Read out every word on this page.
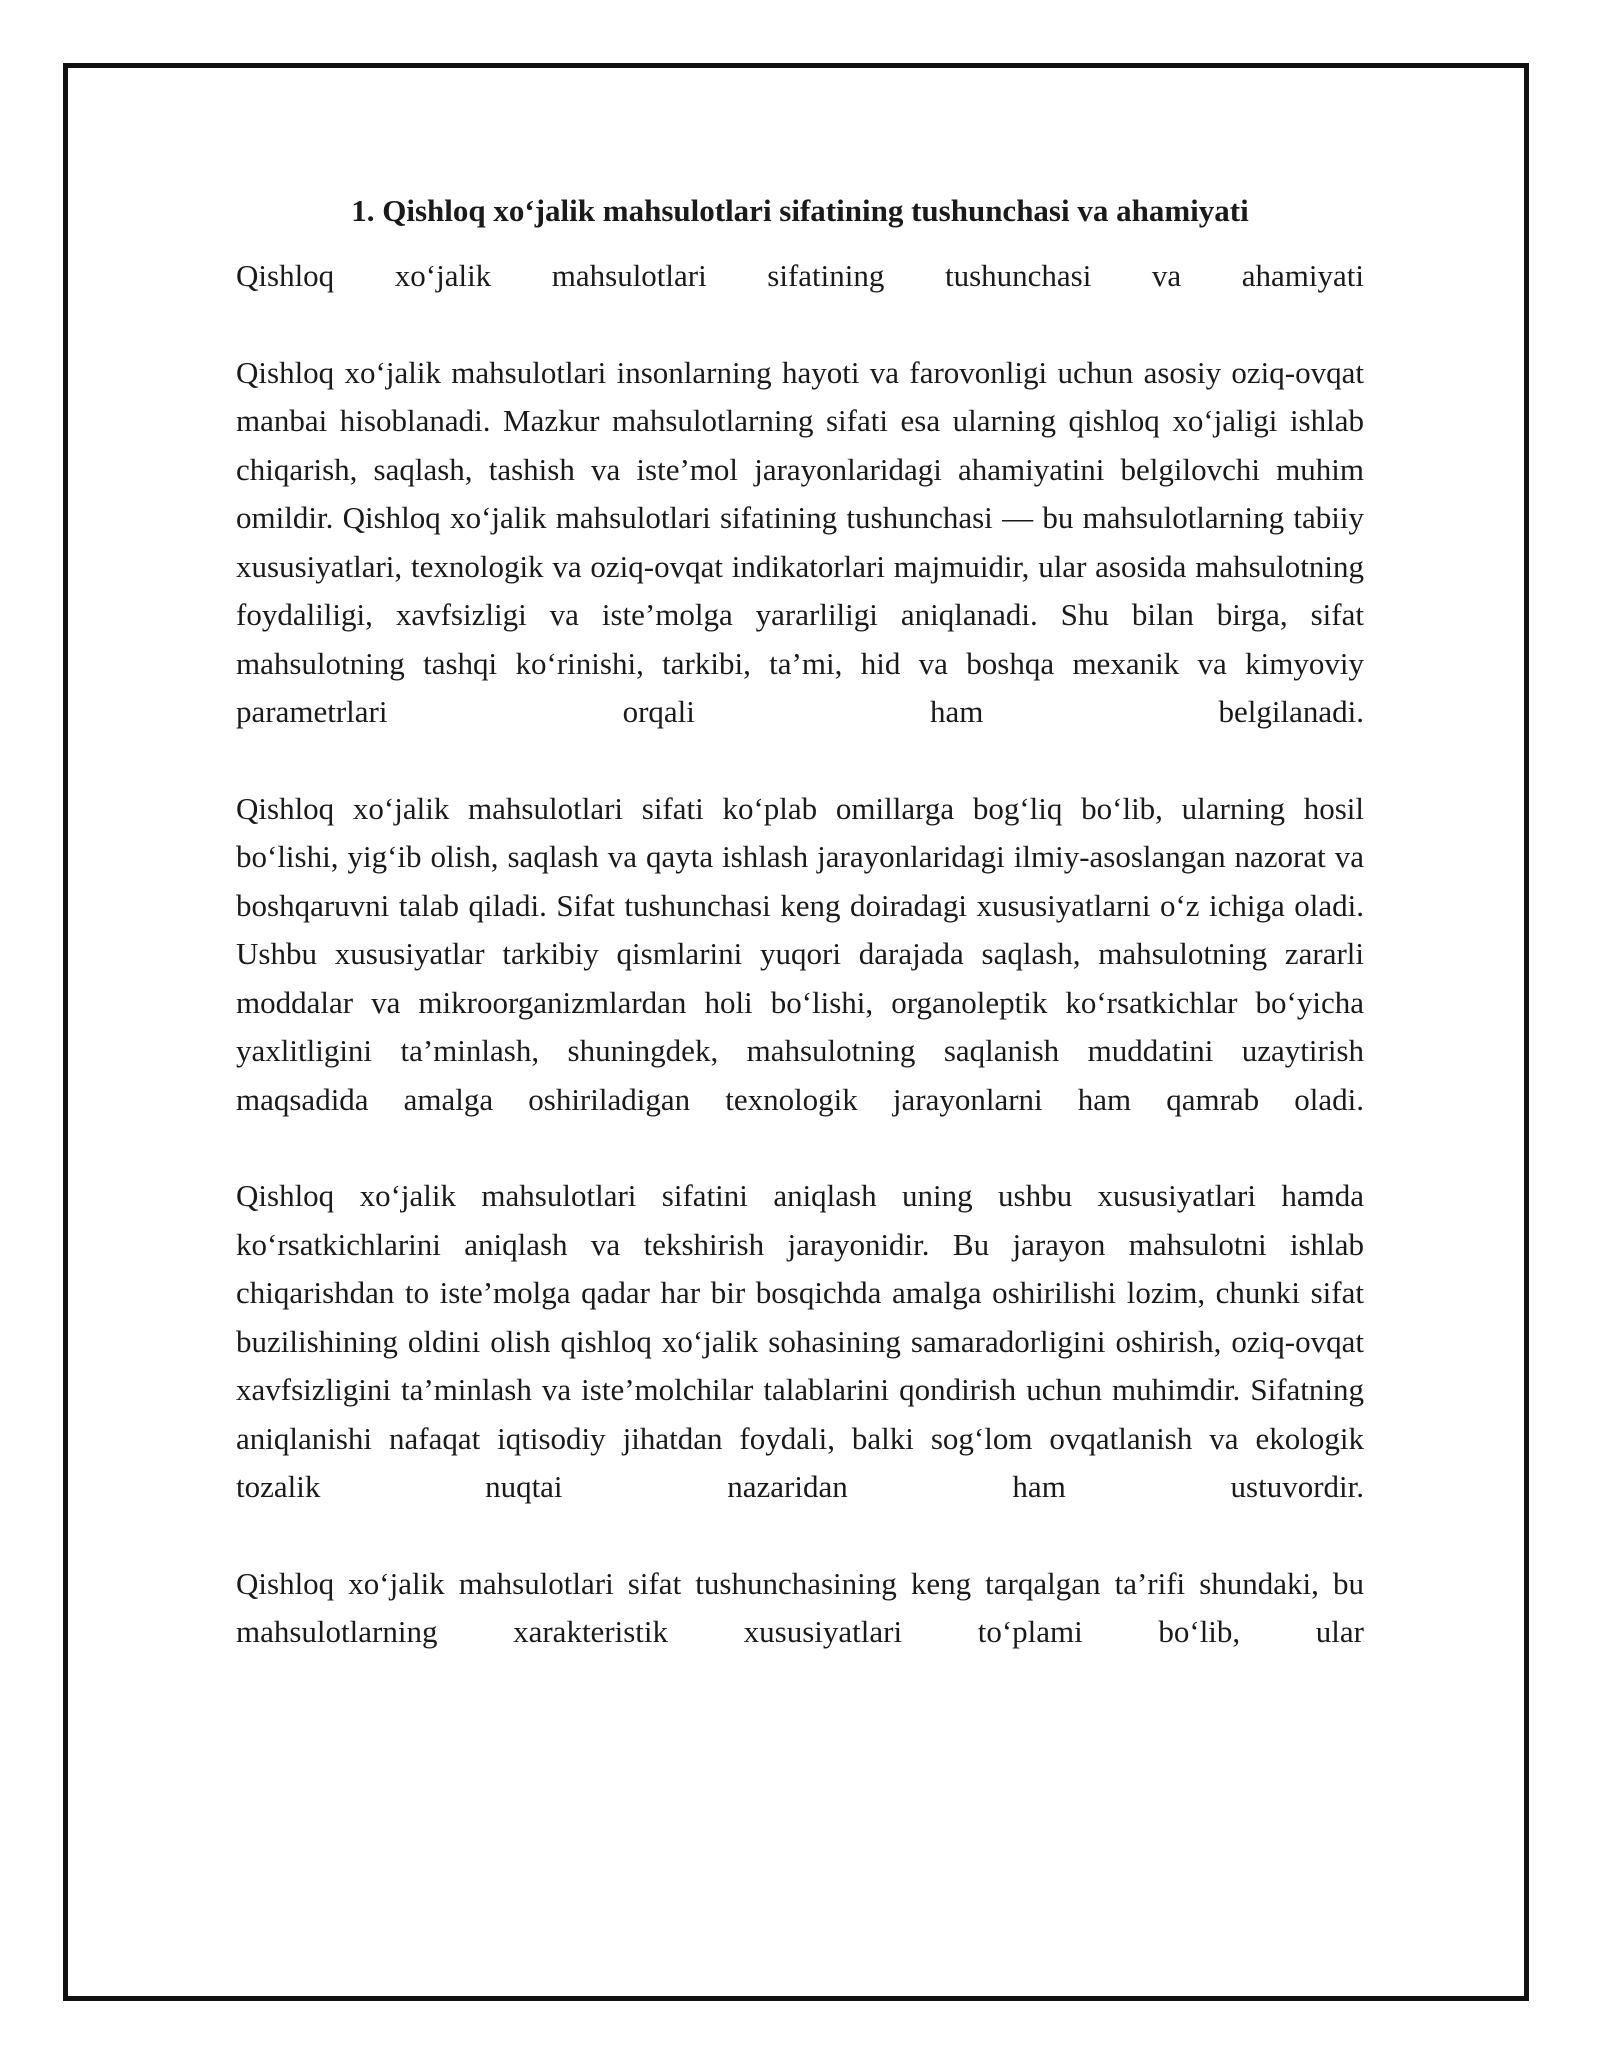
1. Qishloq xo‘jalik mahsulotlari sifatining tushunchasi va ahamiyati

Qishloq xo‘jalik mahsulotlari sifatining tushunchasi va ahamiyati

Qishloq xo‘jalik mahsulotlari insonlarning hayoti va farovonligi uchun asosiy oziq-ovqat manbai hisoblanadi. Mazkur mahsulotlarning sifati esa ularning qishloq xo‘jaligi ishlab chiqarish, saqlash, tashish va iste’mol jarayonlaridagi ahamiyatini belgilovchi muhim omildir. Qishloq xo‘jalik mahsulotlari sifatining tushunchasi — bu mahsulotlarning tabiiy xususiyatlari, texnologik va oziq-ovqat indikatorlari majmuidir, ular asosida mahsulotning foydaliligi, xavfsizligi va iste’molga yararliligi aniqlanadi. Shu bilan birga, sifat mahsulotning tashqi ko‘rinishi, tarkibi, ta’mi, hid va boshqa mexanik va kimyoviy parametrlari orqali ham belgilanadi.

Qishloq xo‘jalik mahsulotlari sifati ko‘plab omillarga bog‘liq bo‘lib, ularning hosil bo‘lishi, yig‘ib olish, saqlash va qayta ishlash jarayonlaridagi ilmiy-asoslangan nazorat va boshqaruvni talab qiladi. Sifat tushunchasi keng doiradagi xususiyatlarni o‘z ichiga oladi. Ushbu xususiyatlar tarkibiy qismlarini yuqori darajada saqlash, mahsulotning zararli moddalar va mikroorganizmlardan holi bo‘lishi, organoleptik ko‘rsatkichlar bo‘yicha yaxlitligini ta’minlash, shuningdek, mahsulotning saqlanish muddatini uzaytirish maqsadida amalga oshiriladigan texnologik jarayonlarni ham qamrab oladi.

Qishloq xo‘jalik mahsulotlari sifatini aniqlash uning ushbu xususiyatlari hamda ko‘rsatkichlarini aniqlash va tekshirish jarayonidir. Bu jarayon mahsulotni ishlab chiqarishdan to iste’molga qadar har bir bosqichda amalga oshirilishi lozim, chunki sifat buzilishining oldini olish qishloq xo‘jalik sohasining samaradorligini oshirish, oziq-ovqat xavfsizligini ta’minlash va iste’molchilar talablarini qondirish uchun muhimdir. Sifatning aniqlanishi nafaqat iqtisodiy jihatdan foydali, balki sog‘lom ovqatlanish va ekologik tozalik nuqtai nazaridan ham ustuvordir.

Qishloq xo‘jalik mahsulotlari sifat tushunchasining keng tarqalgan ta’rifi shundaki, bu mahsulotlarning xarakteristik xususiyatlari to‘plami bo‘lib, ular
